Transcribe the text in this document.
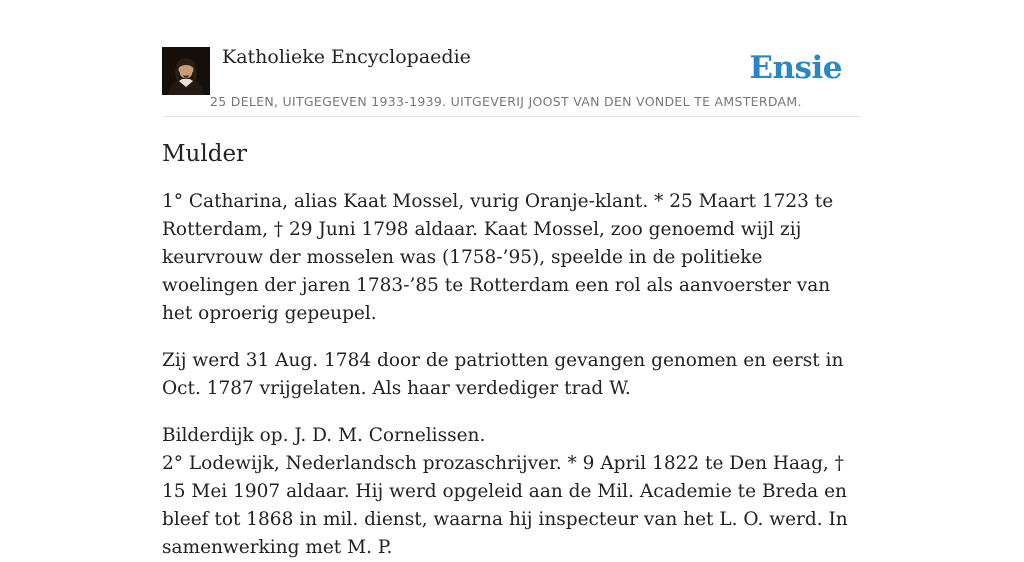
Katholieke Encyclopaedie
25 DELEN, UITGEGEVEN 1933-1939. UITGEVERIJ JOOST VAN DEN VONDEL TE AMSTERDAM.
Ensie
Mulder

1° Catharina, alias Kaat Mossel, vurig Oranje-klant. * 25 Maart 1723 te Rotterdam, † 29 Juni 1798 aldaar. Kaat Mossel, zoo genoemd wijl zij keurvrouw der mosselen was (1758-’95), speelde in de politieke woelingen der jaren 1783-’85 te Rotterdam een rol als aanvoerster van het oproerig gepeupel.

Zij werd 31 Aug. 1784 door de patriotten gevangen genomen en eerst in Oct. 1787 vrijgelaten. Als haar verdediger trad W.

Bilderdijk op. J. D. M. Cornelissen.
2° Lodewijk, Nederlandsch prozaschrijver. * 9 April 1822 te Den Haag, † 15 Mei 1907 aldaar. Hij werd opgeleid aan de Mil. Academie te Breda en bleef tot 1868 in mil. dienst, waarna hij inspecteur van het L. O. werd. In samenwerking met M. P.
